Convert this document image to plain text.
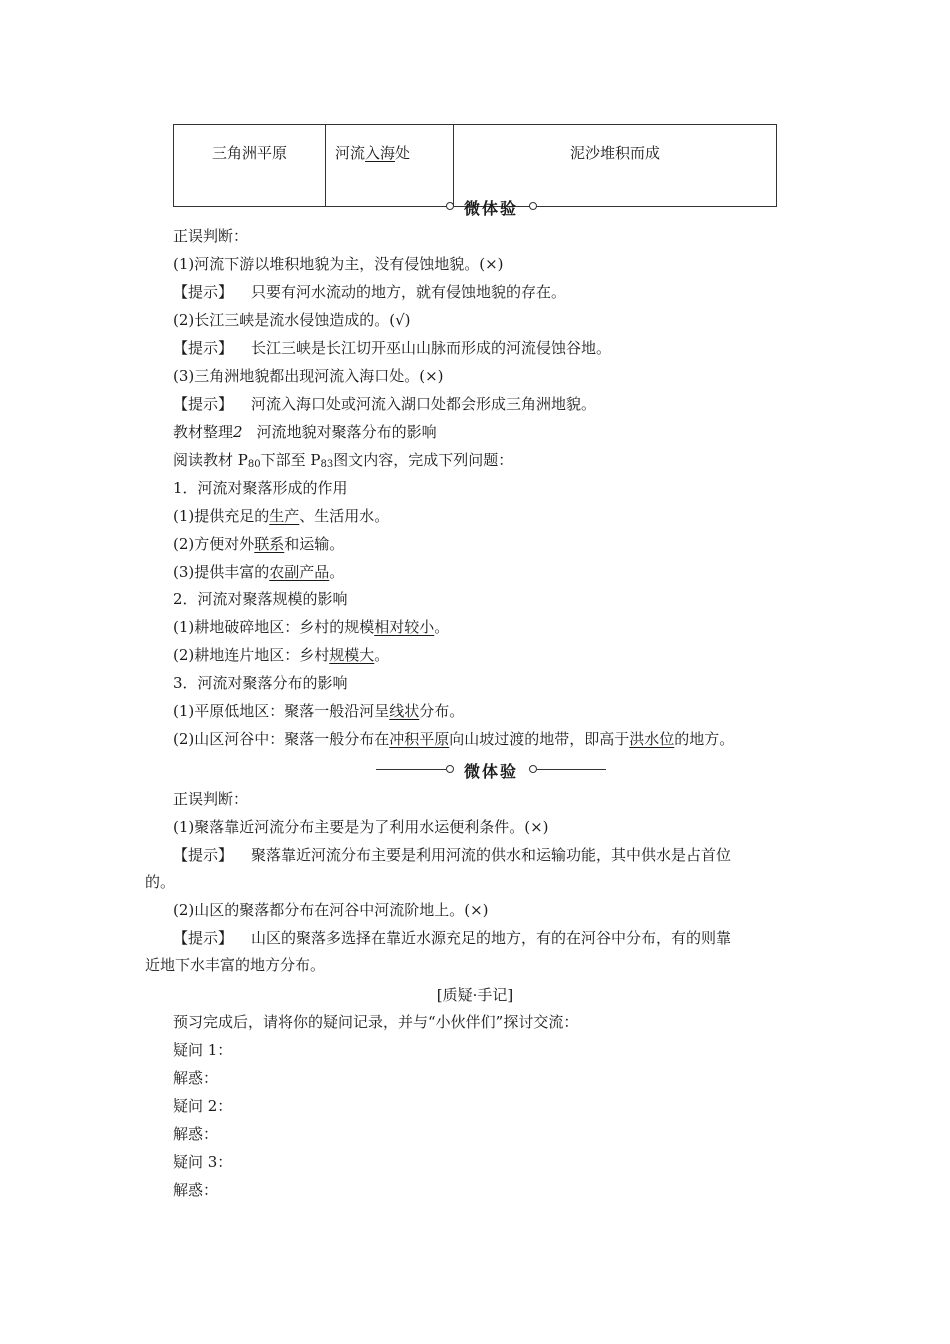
三角洲平原	河流入海处	泥沙堆积而成
微体验
正误判断：
(1)河流下游以堆积地貌为主，没有侵蚀地貌。(×)
【提示】 只要有河水流动的地方，就有侵蚀地貌的存在。
(2)长江三峡是流水侵蚀造成的。(√)
【提示】 长江三峡是长江切开巫山山脉而形成的河流侵蚀谷地。
(3)三角洲地貌都出现河流入海口处。(×)
【提示】 河流入海口处或河流入湖口处都会形成三角洲地貌。
教材整理2 河流地貌对聚落分布的影响
阅读教材 $P_{80}$下部至 $P_{83}$图文内容，完成下列问题：
1．河流对聚落形成的作用
(1)提供充足的生产、生活用水。
(2)方便对外联系和运输。
(3)提供丰富的农副产品。
2．河流对聚落规模的影响
(1)耕地破碎地区：乡村的规模相对较小。
(2)耕地连片地区：乡村规模大。
3．河流对聚落分布的影响
(1)平原低地区：聚落一般沿河呈线状分布。
(2)山区河谷中：聚落一般分布在冲积平原向山坡过渡的地带，即高于洪水位的地方。
微体验
正误判断：
(1)聚落靠近河流分布主要是为了利用水运便利条件。(×)
【提示】 聚落靠近河流分布主要是利用河流的供水和运输功能，其中供水是占首位
的。
(2)山区的聚落都分布在河谷中河流阶地上。(×)
【提示】 山区的聚落多选择在靠近水源充足的地方，有的在河谷中分布，有的则靠
近地下水丰富的地方分布。
[质疑·手记]
预习完成后，请将你的疑问记录，并与“小伙伴们”探讨交流：
疑问 1：
解惑：
疑问 2：
解惑：
疑问 3：
解惑：
